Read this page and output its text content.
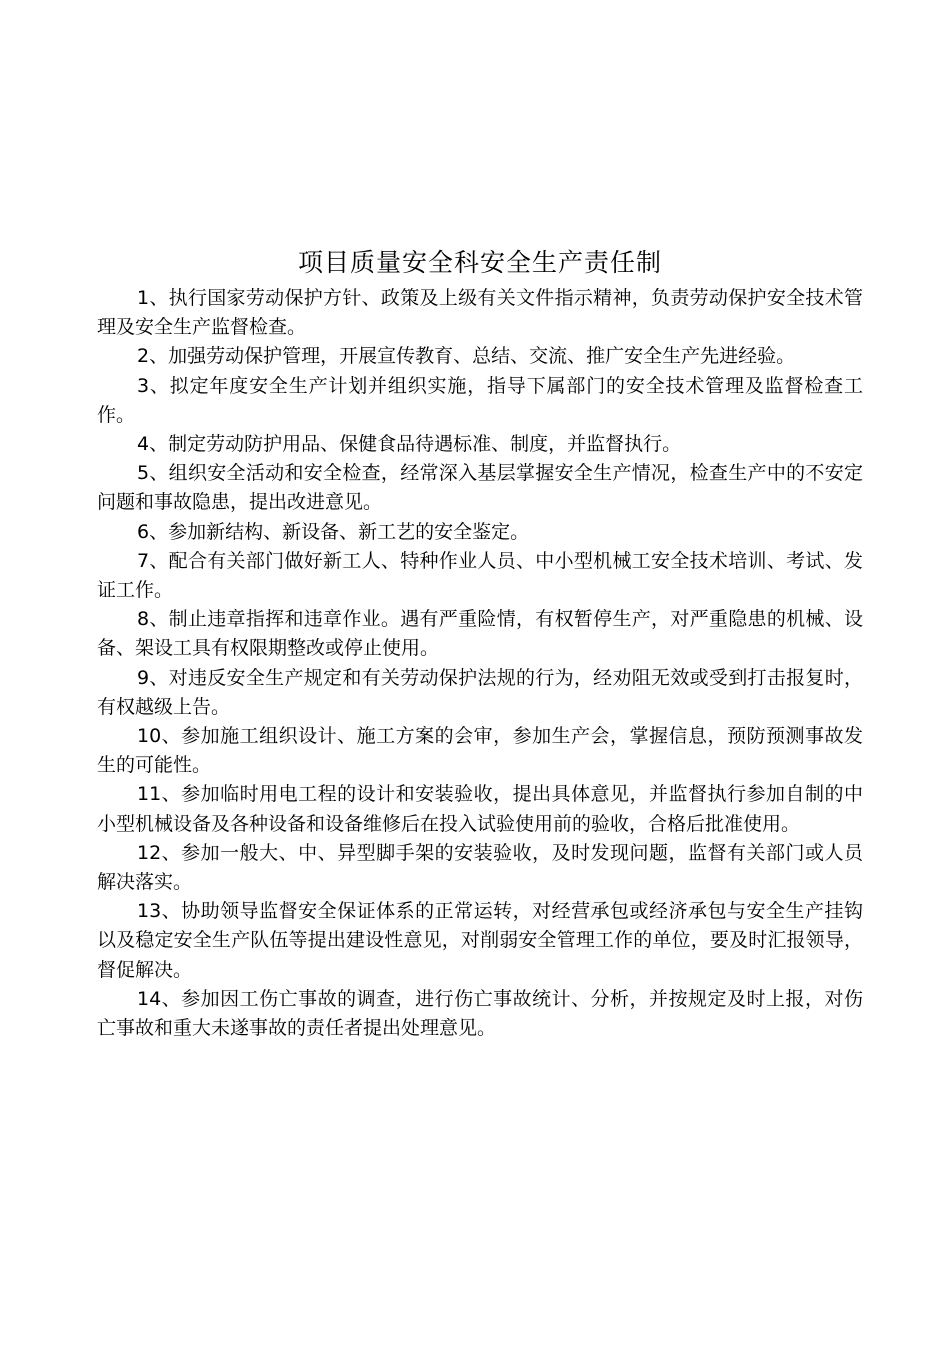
项目质量安全科安全生产责任制

1、执行国家劳动保护方针、政策及上级有关文件指示精神，负责劳动保护安全技术管理及安全生产监督检查。

2、加强劳动保护管理，开展宣传教育、总结、交流、推广安全生产先进经验。

3、拟定年度安全生产计划并组织实施，指导下属部门的安全技术管理及监督检查工作。

4、制定劳动防护用品、保健食品待遇标准、制度，并监督执行。

5、组织安全活动和安全检查，经常深入基层掌握安全生产情况，检查生产中的不安定问题和事故隐患，提出改进意见。

6、参加新结构、新设备、新工艺的安全鉴定。

7、配合有关部门做好新工人、特种作业人员、中小型机械工安全技术培训、考试、发证工作。

8、制止违章指挥和违章作业。遇有严重险情，有权暂停生产，对严重隐患的机械、设备、架设工具有权限期整改或停止使用。

9、对违反安全生产规定和有关劳动保护法规的行为，经劝阻无效或受到打击报复时，有权越级上告。

10、参加施工组织设计、施工方案的会审，参加生产会，掌握信息，预防预测事故发生的可能性。

11、参加临时用电工程的设计和安装验收，提出具体意见，并监督执行参加自制的中小型机械设备及各种设备和设备维修后在投入试验使用前的验收，合格后批准使用。

12、参加一般大、中、异型脚手架的安装验收，及时发现问题，监督有关部门或人员解决落实。

13、协助领导监督安全保证体系的正常运转，对经营承包或经济承包与安全生产挂钩以及稳定安全生产队伍等提出建设性意见，对削弱安全管理工作的单位，要及时汇报领导，督促解决。

14、参加因工伤亡事故的调查，进行伤亡事故统计、分析，并按规定及时上报，对伤亡事故和重大未遂事故的责任者提出处理意见。
